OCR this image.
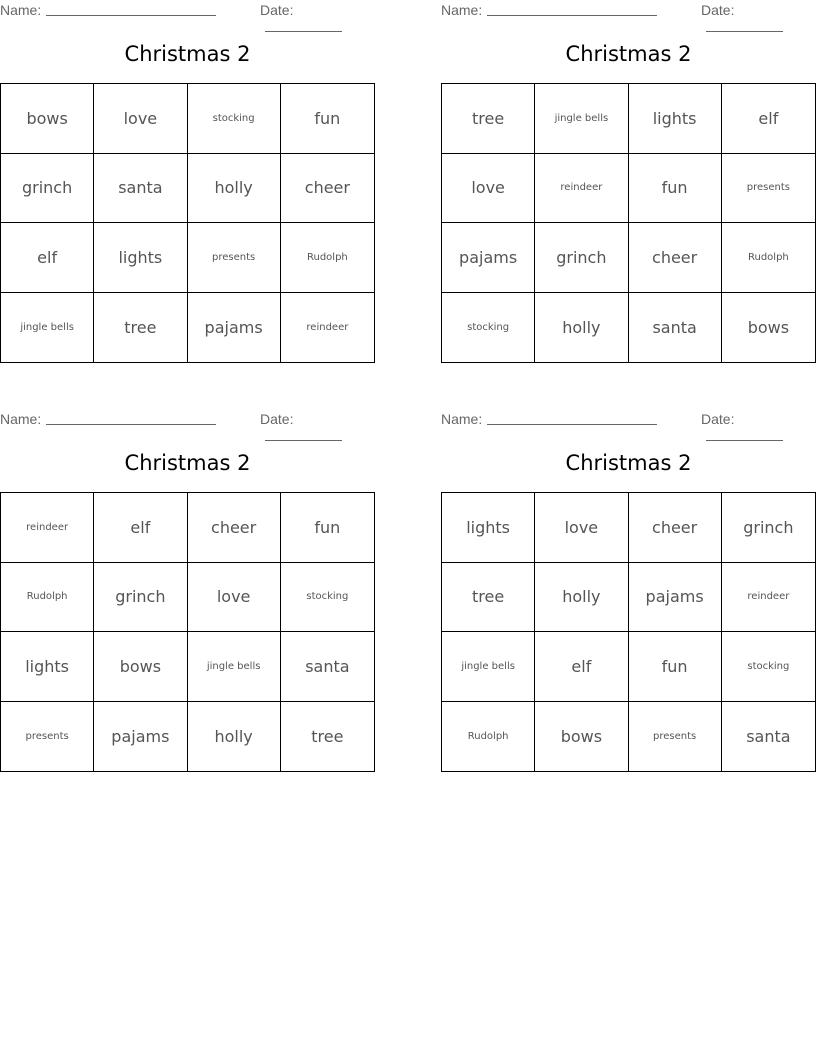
Name:	Date:
Christmas 2
bows	love	stocking	fun
grinch	santa	holly	cheer
elf	lights	presents	Rudolph
jingle bells	tree	pajams	reindeer
Name:	Date:
Christmas 2
tree	jingle bells	lights	elf
love	reindeer	fun	presents
pajams	grinch	cheer	Rudolph
stocking	holly	santa	bows
Name:	Date:
Christmas 2
reindeer	elf	cheer	fun
Rudolph	grinch	love	stocking
lights	bows	jingle bells	santa
presents	pajams	holly	tree
Name:	Date:
Christmas 2
lights	love	cheer	grinch
tree	holly	pajams	reindeer
jingle bells	elf	fun	stocking
Rudolph	bows	presents	santa
